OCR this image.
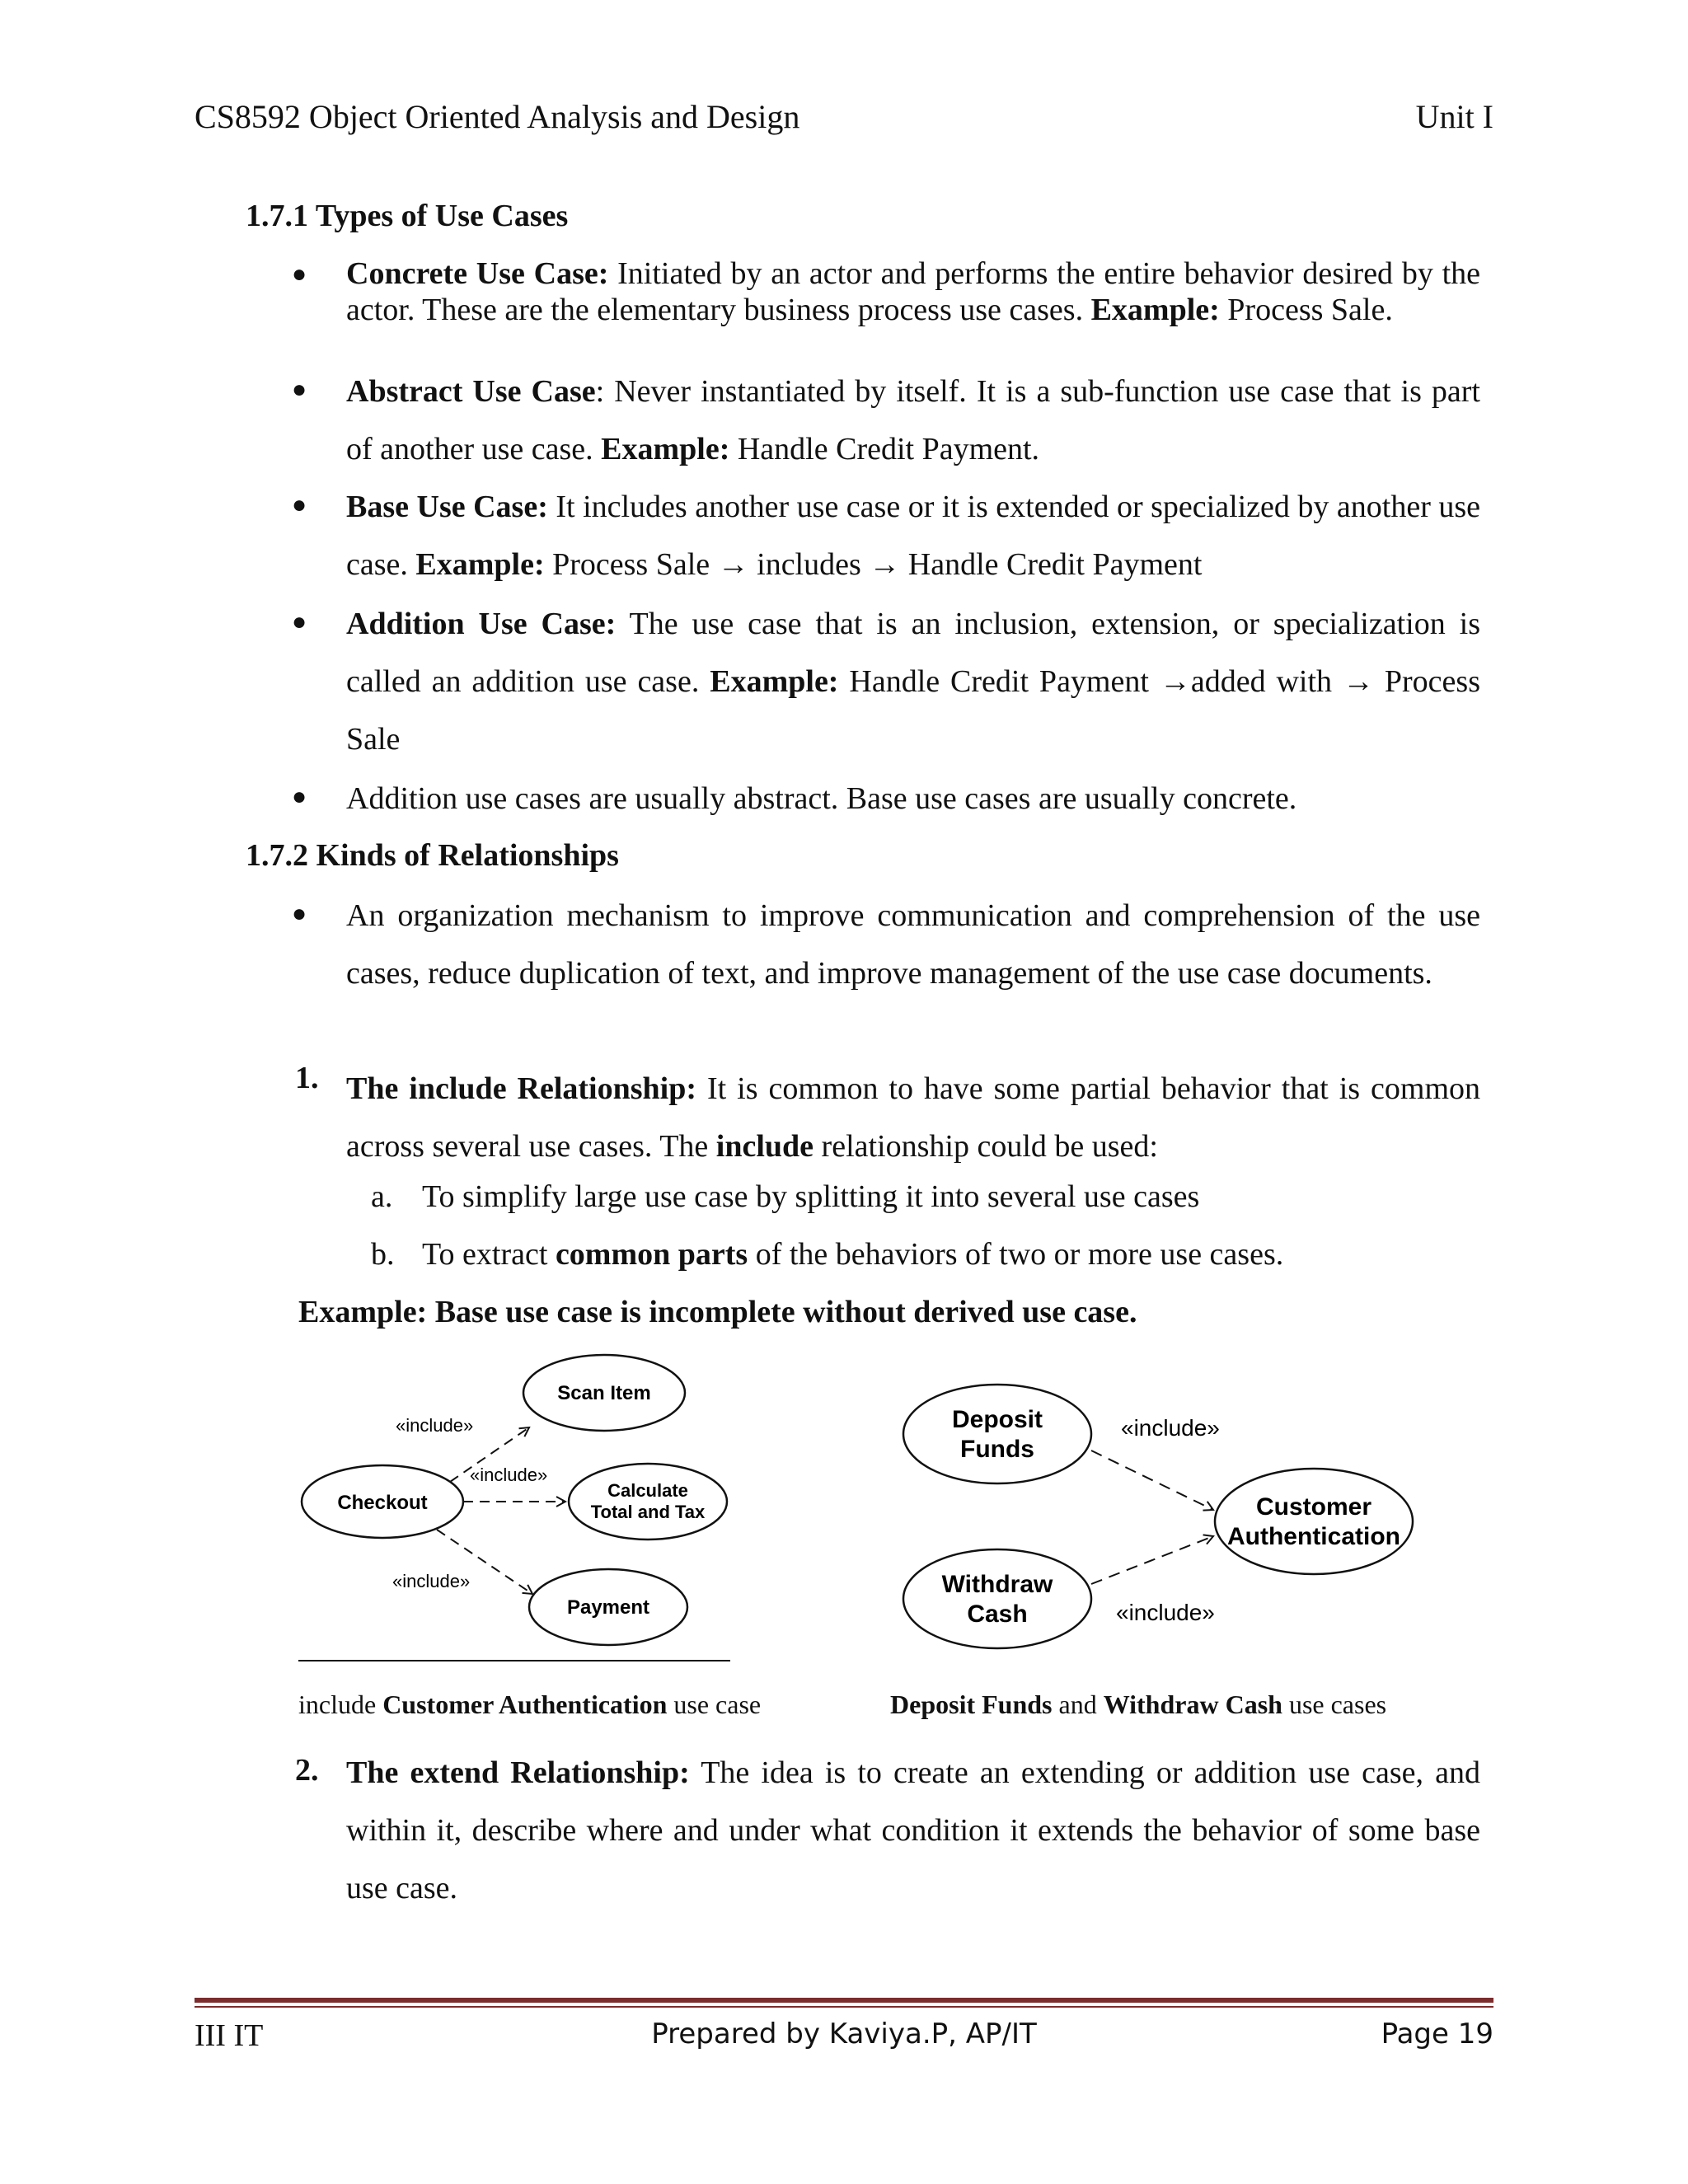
CS8592 Object Oriented Analysis and Design	Unit I
1.7.1 Types of Use Cases
● Concrete Use Case: Initiated by an actor and performs the entire behavior desired by the actor. These are the elementary business process use cases. Example: Process Sale.
● Abstract Use Case: Never instantiated by itself. It is a sub-function use case that is part of another use case. Example: Handle Credit Payment.
● Base Use Case: It includes another use case or it is extended or specialized by another use case. Example: Process Sale → includes → Handle Credit Payment
● Addition Use Case: The use case that is an inclusion, extension, or specialization is called an addition use case. Example: Handle Credit Payment →added with → Process Sale
● Addition use cases are usually abstract. Base use cases are usually concrete.
1.7.2 Kinds of Relationships
● An organization mechanism to improve communication and comprehension of the use cases, reduce duplication of text, and improve management of the use case documents.
1. The include Relationship: It is common to have some partial behavior that is common across several use cases. The include relationship could be used:
a. To simplify large use case by splitting it into several use cases
b. To extract common parts of the behaviors of two or more use cases.
Example: Base use case is incomplete without derived use case.
Checkout
Scan Item
Calculate
Total and Tax
Payment
«include»
«include»
«include»
Deposit
Funds
Withdraw
Cash
Customer
Authentication
«include»
«include»
include Customer Authentication use case	Deposit Funds and Withdraw Cash use cases
2. The extend Relationship: The idea is to create an extending or addition use case, and within it, describe where and under what condition it extends the behavior of some base use case.
III IT	Prepared by Kaviya.P, AP/IT	Page 19
